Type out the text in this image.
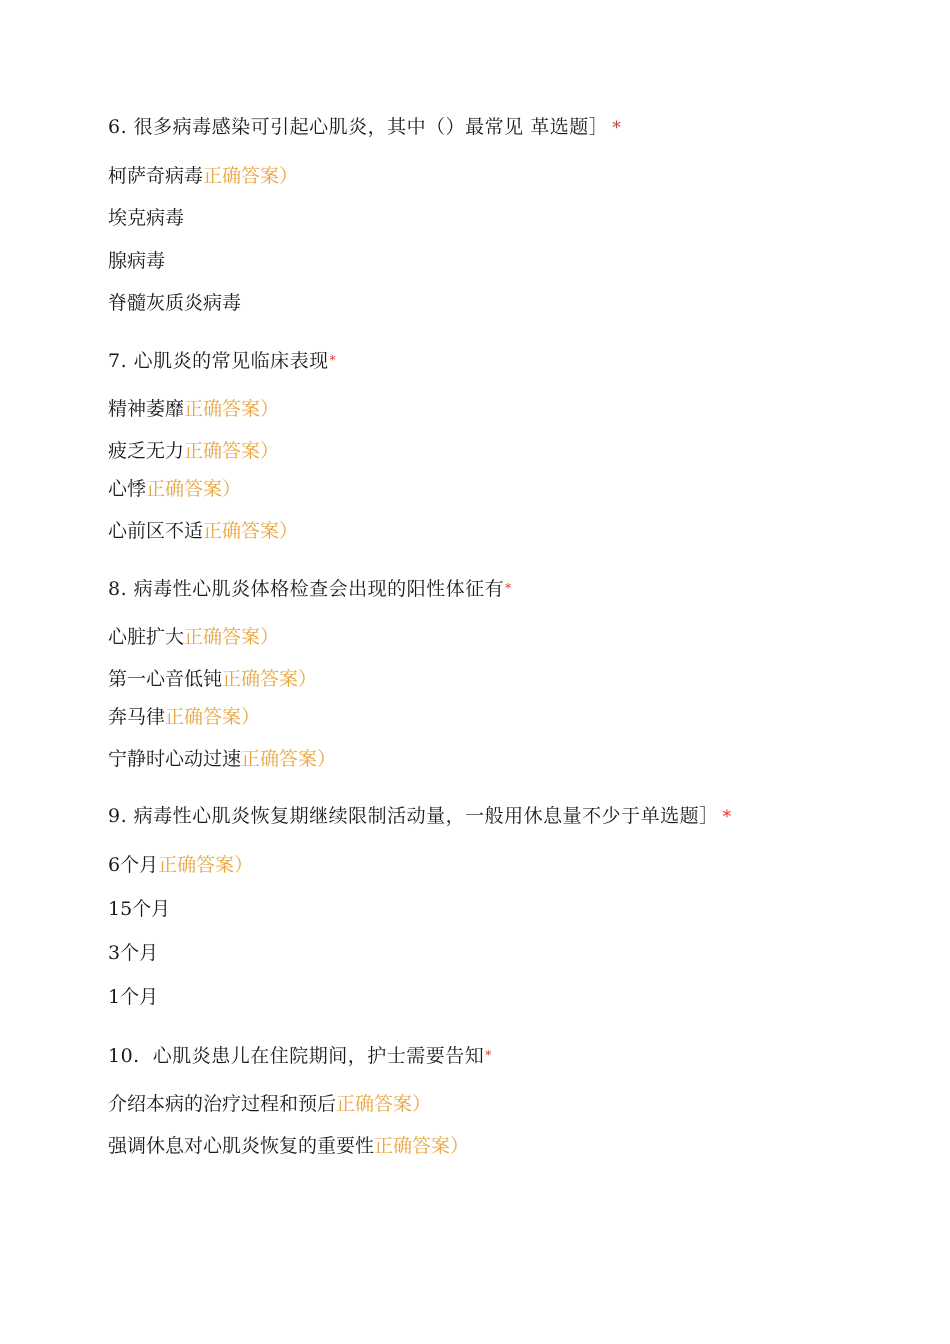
6. 很多病毒感染可引起心肌炎，其中（）最常见 革选题］ *
柯萨奇病毒正确答案）
埃克病毒
腺病毒
脊髓灰质炎病毒
7. 心肌炎的常见临床表现*
精神萎靡正确答案）
疲乏无力正确答案）
心悸正确答案）
心前区不适正确答案）
8. 病毒性心肌炎体格检查会出现的阳性体征有*
心脏扩大正确答案）
第一心音低钝正确答案）
奔马律正确答案）
宁静时心动过速正确答案）
9. 病毒性心肌炎恢复期继续限制活动量，一般用休息量不少于单选题］ *
6个月正确答案）
15个月
3个月
1个月
10.  心肌炎患儿在住院期间，护士需要告知*
介绍本病的治疗过程和预后正确答案）
强调休息对心肌炎恢复的重要性正确答案）
